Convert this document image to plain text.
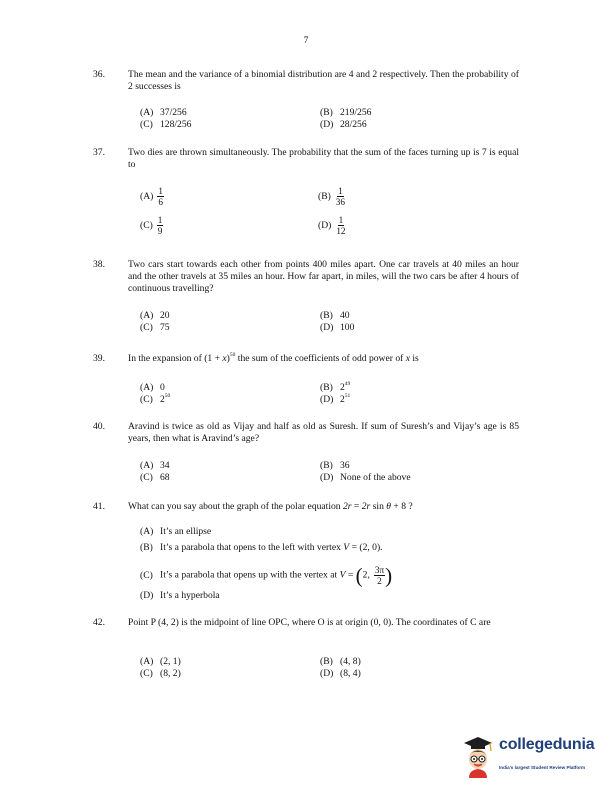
7
36. The mean and the variance of a binomial distribution are 4 and 2 respectively. Then the probability of 2 successes is
(A) 37/256	(B) 219/256
(C) 128/256	(D) 28/256
37. Two dies are thrown simultaneously. The probability that the sum of the faces turning up is 7 is equal to
$(A) \frac{1}{6}$	$(B) \frac{1}{36}$
$(C) \frac{1}{9}$	$(D) \frac{1}{12}$
38. Two cars start towards each other from points 400 miles apart. One car travels at 40 miles an hour and the other travels at 35 miles an hour. How far apart, in miles, will the two cars be after 4 hours of continuous travelling?
(A) 20	(B) 40
(C) 75	(D) 100
39. In the expansion of $(1 + x)^{50}$ the sum of the coefficients of odd power of x is
(A) 0	(B) $2^{49}$
(C) $2^{50}$	(D) $2^{51}$
40. Aravind is twice as old as Vijay and half as old as Suresh. If sum of Suresh’s and Vijay’s age is 85 years, then what is Aravind’s age?
(A) 34	(B) 36
(C) 68	(D) None of the above
41. What can you say about the graph of the polar equation 2r = 2r sin θ + 8 ?
(A) It’s an ellipse
(B) It’s a parabola that opens to the left with vertex V = (2, 0).
(C) It’s a parabola that opens up with the vertex at V = (2, $\frac{3\pi}{2}$ )
(D) It’s a hyperbola
42. Point P (4, 2) is the midpoint of line OPC, where O is at origin (0, 0). The coordinates of C are
(A) (2, 1)	(B) (4, 8)
(C) (8, 2)	(D) (8, 4)
collegedunia
India's largest Student Review Platform
